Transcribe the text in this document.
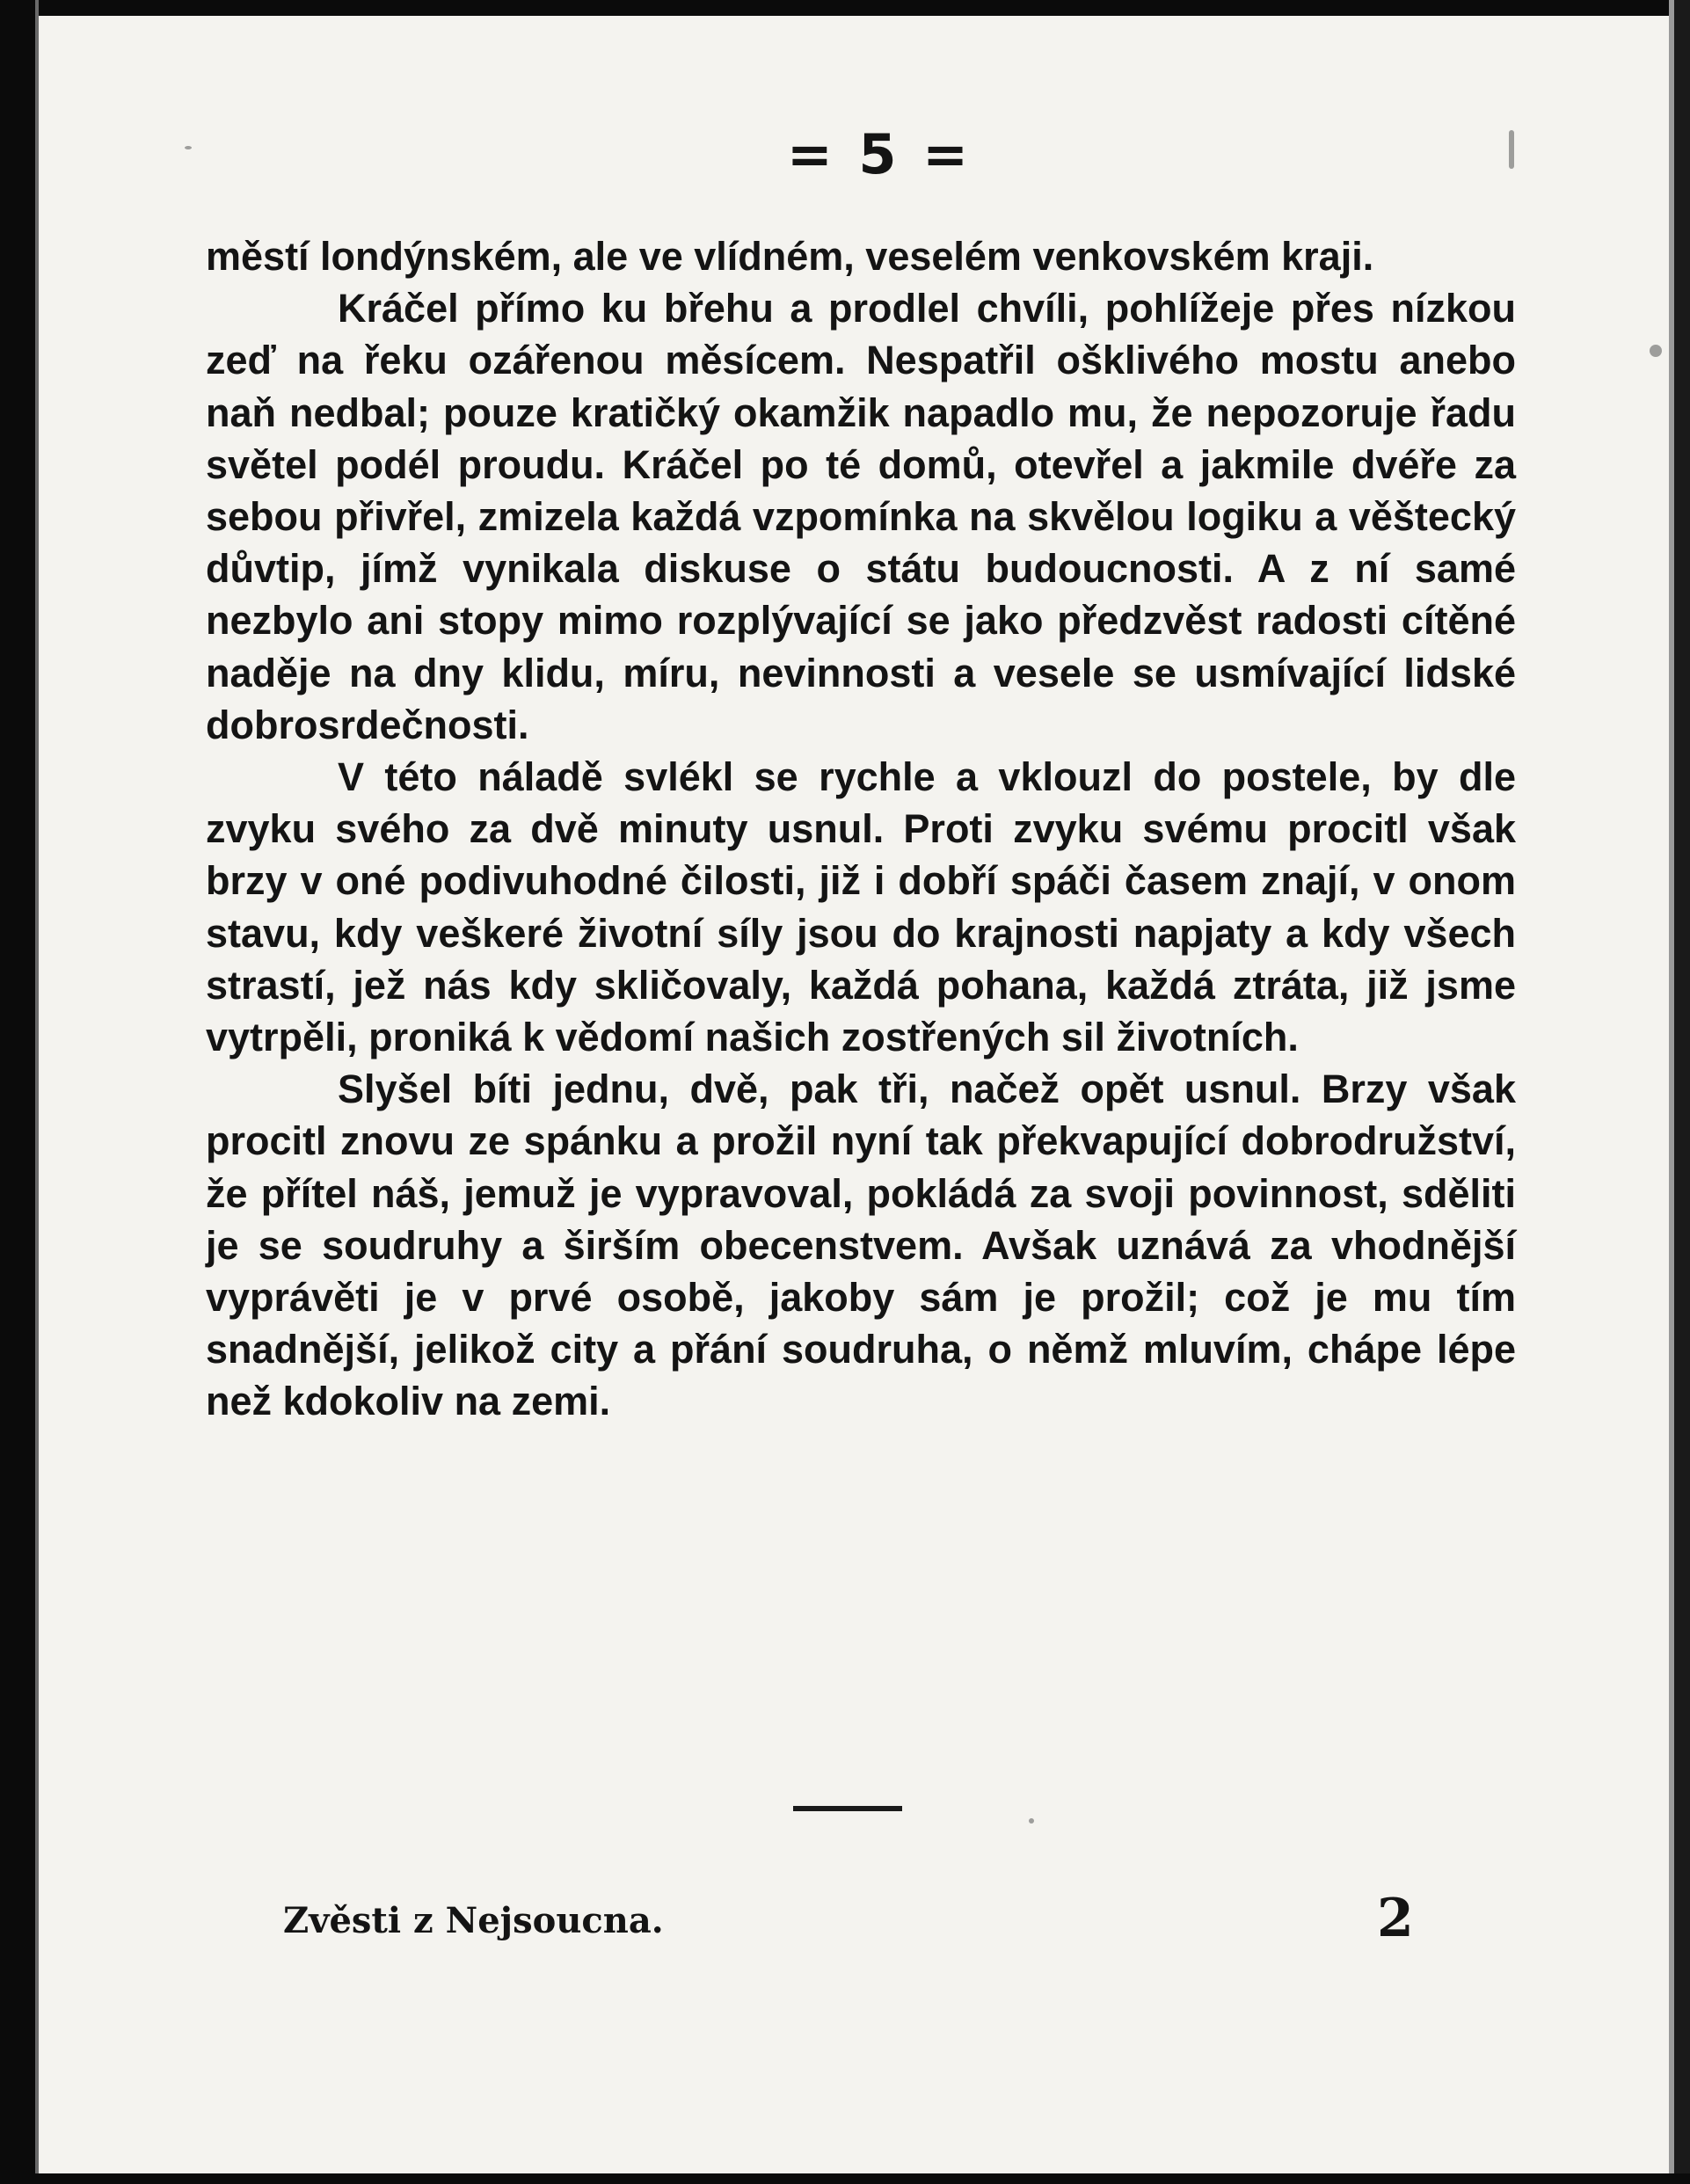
= 5 =

městí londýnském, ale ve vlídném, veselém venkovském kraji.

Kráčel přímo ku břehu a prodlel chvíli, pohlížeje přes nízkou zeď na řeku ozářenou měsícem. Nespatřil ošklivého mostu anebo naň nedbal; pouze kratičký okamžik napadlo mu, že nepozoruje řadu světel podél proudu. Kráčel po té domů, otevřel a jakmile dvéře za sebou přivřel, zmizela každá vzpomínka na skvělou logiku a věštecký důvtip, jímž vynikala diskuse o státu budoucnosti. A z ní samé nezbylo ani stopy mimo rozplývající se jako předzvěst radosti cítěné naděje na dny klidu, míru, nevinnosti a vesele se usmívající lidské dobrosrdečnosti.

V této náladě svlékl se rychle a vklouzl do postele, by dle zvyku svého za dvě minuty usnul. Proti zvyku svému procitl však brzy v oné podivuhodné čilosti, již i dobří spáči časem znají, v onom stavu, kdy veškeré životní síly jsou do krajnosti napjaty a kdy všech strastí, jež nás kdy skličovaly, každá pohana, každá ztráta, již jsme vytrpěli, proniká k vědomí našich zostřených sil životních.

Slyšel bíti jednu, dvě, pak tři, načež opět usnul. Brzy však procitl znovu ze spánku a prožil nyní tak překvapující dobrodružství, že přítel náš, jemuž je vypravoval, pokládá za svoji povinnost, sděliti je se soudruhy a širším obecenstvem. Avšak uznává za vhodnější vyprávěti je v prvé osobě, jakoby sám je prožil; což je mu tím snadnější, jelikož city a přání soudruha, o němž mluvím, chápe lépe než kdokoliv na zemi.

Zvěsti z Nejsoucna.	2
